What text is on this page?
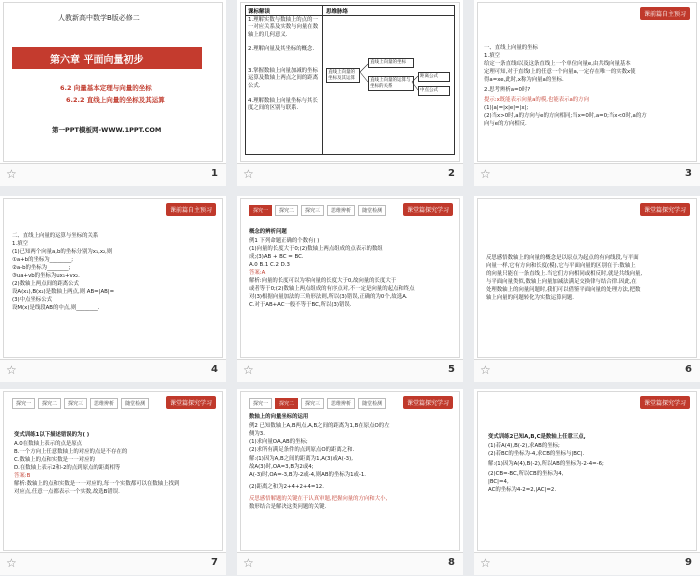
人教新高中数学B版必修二
第六章 平面向量初步
6.2 向量基本定理与向量的坐标
6.2.2 直线上向量的坐标及其运算
第一PPT模板网-WWW.1PPT.COM
☆	1
课标解读	思维脉络
1.理解实数与数轴上的点的一一对应关系及实数与向量在数轴上的几何意义.
2.理解向量及其坐标的概念.
3.掌握数轴上向量加减的坐标运算及数轴上两点之间的距离公式.
4.理解数轴上向量坐标与其长度之间的区别与联系.
直线上向量的坐标及其运算
直线上向量的坐标
直线上向量的运算与坐标的关系
距离公式
中点公式
☆	2
课前篇自主预习
一、直线上向量的坐标
1.填空
给定一条直线l以及这条直线上一个单位向量e,由共线向量基本
定理可知,对于直线l上的任意一个向量a,一定存在唯一的实数x使
得a=xe,此时,x称为向量a的坐标.
2.思考辨析a=0时?
提示:x既能表示向量a的模,也能表示a的方向
(1)|a|=|x|e|=|x|;
(2)当x>0时,a的方向与e的方向相同;当x=0时,a=0;当x<0时,a的方
向与e的方向相反.
☆	3
课前篇自主预习
二、直线上向量的运算与坐标的关系
1.填空
(1)已知两个向量a,b的坐标分别为x₁,x₂,则
①a+b的坐标为________;
②a-b的坐标为________;
③ua+vb的坐标为ux₁+vx₂.
(2)数轴上两点间的距离公式
设A(x₁),B(x₂)是数轴上两点,则 AB=|AB|=
(3)中点坐标公式
设M(x)是线段AB的中点,则________.
☆	4
探究一	探究二	探究三	思维辨析	随堂检测	课堂篇探究学习
概念的辨析问题
例1 下列命题正确的个数有( )
(1)向量的长度大于0;(2)数轴上两点组成的点表示的数组
成;(3)AB + BC = BC.
A.0 B.1 C.2 D.3
答案:A
解析:向量的长度可以为零向量的长度大于0,故向量的长度大于
或者等于0;(2)数轴上两点组成的有序点对,不一定是向量的起点和终点
对(3)根据向量加法的三角形法则,所以(3)错误,正确的为0个,故选A.
C.对于AB+AC一般不等于BC,所以(3)错误.
☆	5
课堂篇探究学习
反思感悟数轴上的向量的概念是以原点为起点的有向线段,与平面
向量一样,它有方向和长度(模),它与平面向量的区别在于:数轴上
的向量只能在一条直线上.当它们方向相同或相反时,就是共线向量,
与平面向量类似,数轴上向量加减法满足交换律与结合律.因此,在
处理数轴上的向量问题时,我们可以借鉴平面向量的处理方法,把数
轴上向量的问题转化为实数运算问题.
☆	6
探究一	探究二	探究三	思维辨析	随堂检测	课堂篇探究学习
变式训练1以下描述错误的为( )
A.0在数轴上表示的点是原点
B.一个方向上任意数轴上的对应的点是不存在的
C.数轴上的点和实数是一一对应的
D.在数轴上表示2和-2的点到原点的距离相等
答案:B
解析:数轴上的点和实数是一一对应的,每一个实数都可以在数轴上找到
对应点,任意一点都表示一个实数,故选B错误.
☆	7
探究一	探究二	探究三	思维辨析	随堂检测	课堂篇探究学习
数轴上的向量坐标的运用
例2 已知数轴上A,B两点,A,B之间的距离为1,B在原点O的左
侧为3.
(1)求向量OA,AB的坐标;
(2)求所有满足条件的点到原点O的距离之和.
解:(1)因为A,B之间的距离为1,A(3)或A(-3),
故A(3)时,OA=3,B为2或4;
A(-3)时,OA=-3,B为-2或-4,则AB的坐标为1或-1.
(2)距离之和为2+4+2+4=12.
反思感悟解题的关键在于认真审题,把握向量的方向和大小,
数形结合是解决这类问题的关键.
☆	8
课堂篇探究学习
变式训练2已知A,B,C是数轴上任意三点,
(1)若A(4),B(-2),求AB的坐标;
(2)若BC的坐标为-4,求CB的坐标与|BC|.
解:(1)因为A(4),B(-2),所以AB的坐标为-2-4=-6;
(2)CB=-BC,所以CB的坐标为4,
|BC|=4,
AC的坐标为4-2=2,|AC|=2.
☆	9
